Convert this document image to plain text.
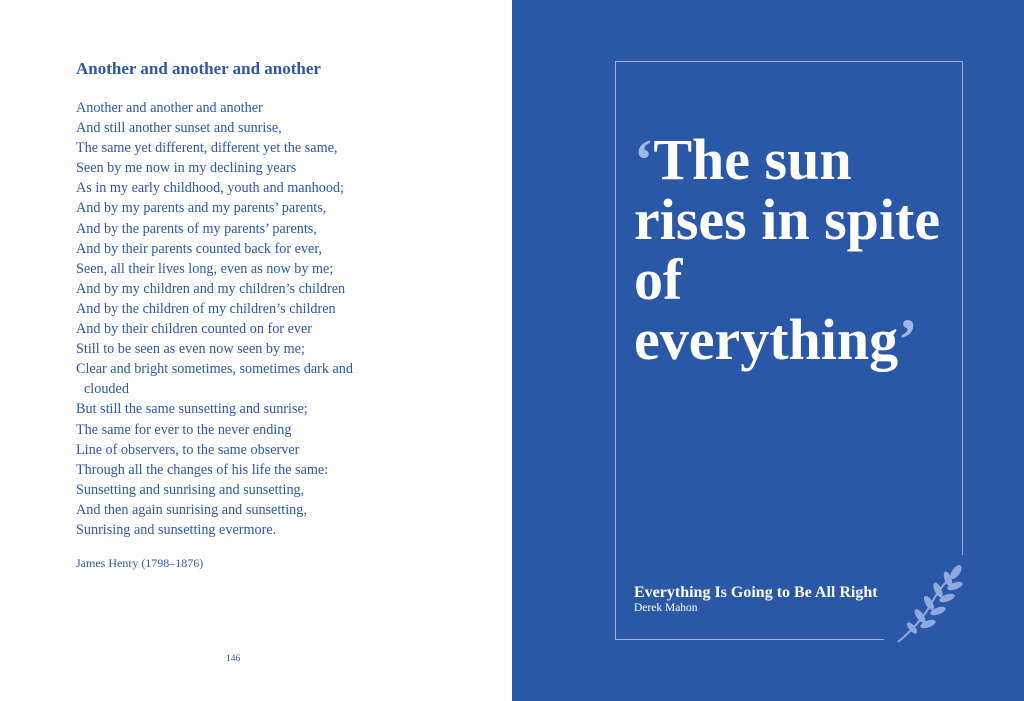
Another and another and another
Another and another and another
And still another sunset and sunrise,
The same yet different, different yet the same,
Seen by me now in my declining years
As in my early childhood, youth and manhood;
And by my parents and my parents’ parents,
And by the parents of my parents’ parents,
And by their parents counted back for ever,
Seen, all their lives long, even as now by me;
And by my children and my children’s children
And by the children of my children’s children
And by their children counted on for ever
Still to be seen as even now seen by me;
Clear and bright sometimes, sometimes dark and
clouded
But still the same sunsetting and sunrise;
The same for ever to the never ending
Line of observers, to the same observer
Through all the changes of his life the same:
Sunsetting and sunrising and sunsetting,
And then again sunrising and sunsetting,
Sunrising and sunsetting evermore.
James Henry (1798–1876)
146

‘The sun rises in spite of everything’

Everything Is Going to Be All Right
Derek Mahon
